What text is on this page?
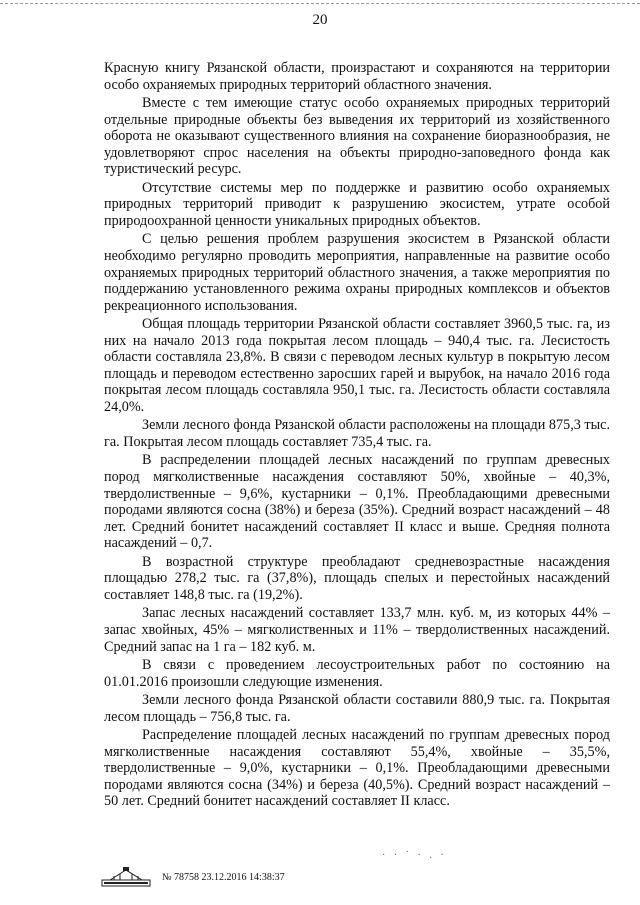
20

Красную книгу Рязанской области, произрастают и сохраняются на территории особо охраняемых природных территорий областного значения.

Вместе с тем имеющие статус особо охраняемых природных территорий отдельные природные объекты без выведения их территорий из хозяйственного оборота не оказывают существенного влияния на сохранение биоразнообразия, не удовлетворяют спрос населения на объекты природно-заповедного фонда как туристический ресурс.

Отсутствие системы мер по поддержке и развитию особо охраняемых природных территорий приводит к разрушению экосистем, утрате особой природоохранной ценности уникальных природных объектов.

С целью решения проблем разрушения экосистем в Рязанской области необходимо регулярно проводить мероприятия, направленные на развитие особо охраняемых природных территорий областного значения, а также мероприятия по поддержанию установленного режима охраны природных комплексов и объектов рекреационного использования.

Общая площадь территории Рязанской области составляет 3960,5 тыс. га, из них на начало 2013 года покрытая лесом площадь – 940,4 тыс. га. Лесистость области составляла 23,8%. В связи с переводом лесных культур в покрытую лесом площадь и переводом естественно заросших гарей и вырубок, на начало 2016 года покрытая лесом площадь составляла 950,1 тыс. га. Лесистость области составляла 24,0%.

Земли лесного фонда Рязанской области расположены на площади 875,3 тыс. га. Покрытая лесом площадь составляет 735,4 тыс. га.

В распределении площадей лесных насаждений по группам древесных пород мягколиственные насаждения составляют 50%, хвойные – 40,3%, твердолиственные – 9,6%, кустарники – 0,1%. Преобладающими древесными породами являются сосна (38%) и береза (35%). Средний возраст насаждений – 48 лет. Средний бонитет насаждений составляет II класс и выше. Средняя полнота насаждений – 0,7.

В возрастной структуре преобладают средневозрастные насаждения площадью 278,2 тыс. га (37,8%), площадь спелых и перестойных насаждений составляет 148,8 тыс. га (19,2%).

Запас лесных насаждений составляет 133,7 млн. куб. м, из которых 44% – запас хвойных, 45% – мягколиственных и 11% – твердолиственных насаждений. Средний запас на 1 га – 182 куб. м.

В связи с проведением лесоустроительных работ по состоянию на 01.01.2016 произошли следующие изменения.

Земли лесного фонда Рязанской области составили 880,9 тыс. га. Покрытая лесом площадь – 756,8 тыс. га.

Распределение площадей лесных насаждений по группам древесных пород мягколиственные насаждения составляют 55,4%, хвойные – 35,5%, твердолиственные – 9,0%, кустарники – 0,1%. Преобладающими древесными породами являются сосна (34%) и береза (40,5%). Средний возраст насаждений – 50 лет. Средний бонитет насаждений составляет II класс.

· · ˙ · . ·
№ 78758 23.12.2016 14:38:37
